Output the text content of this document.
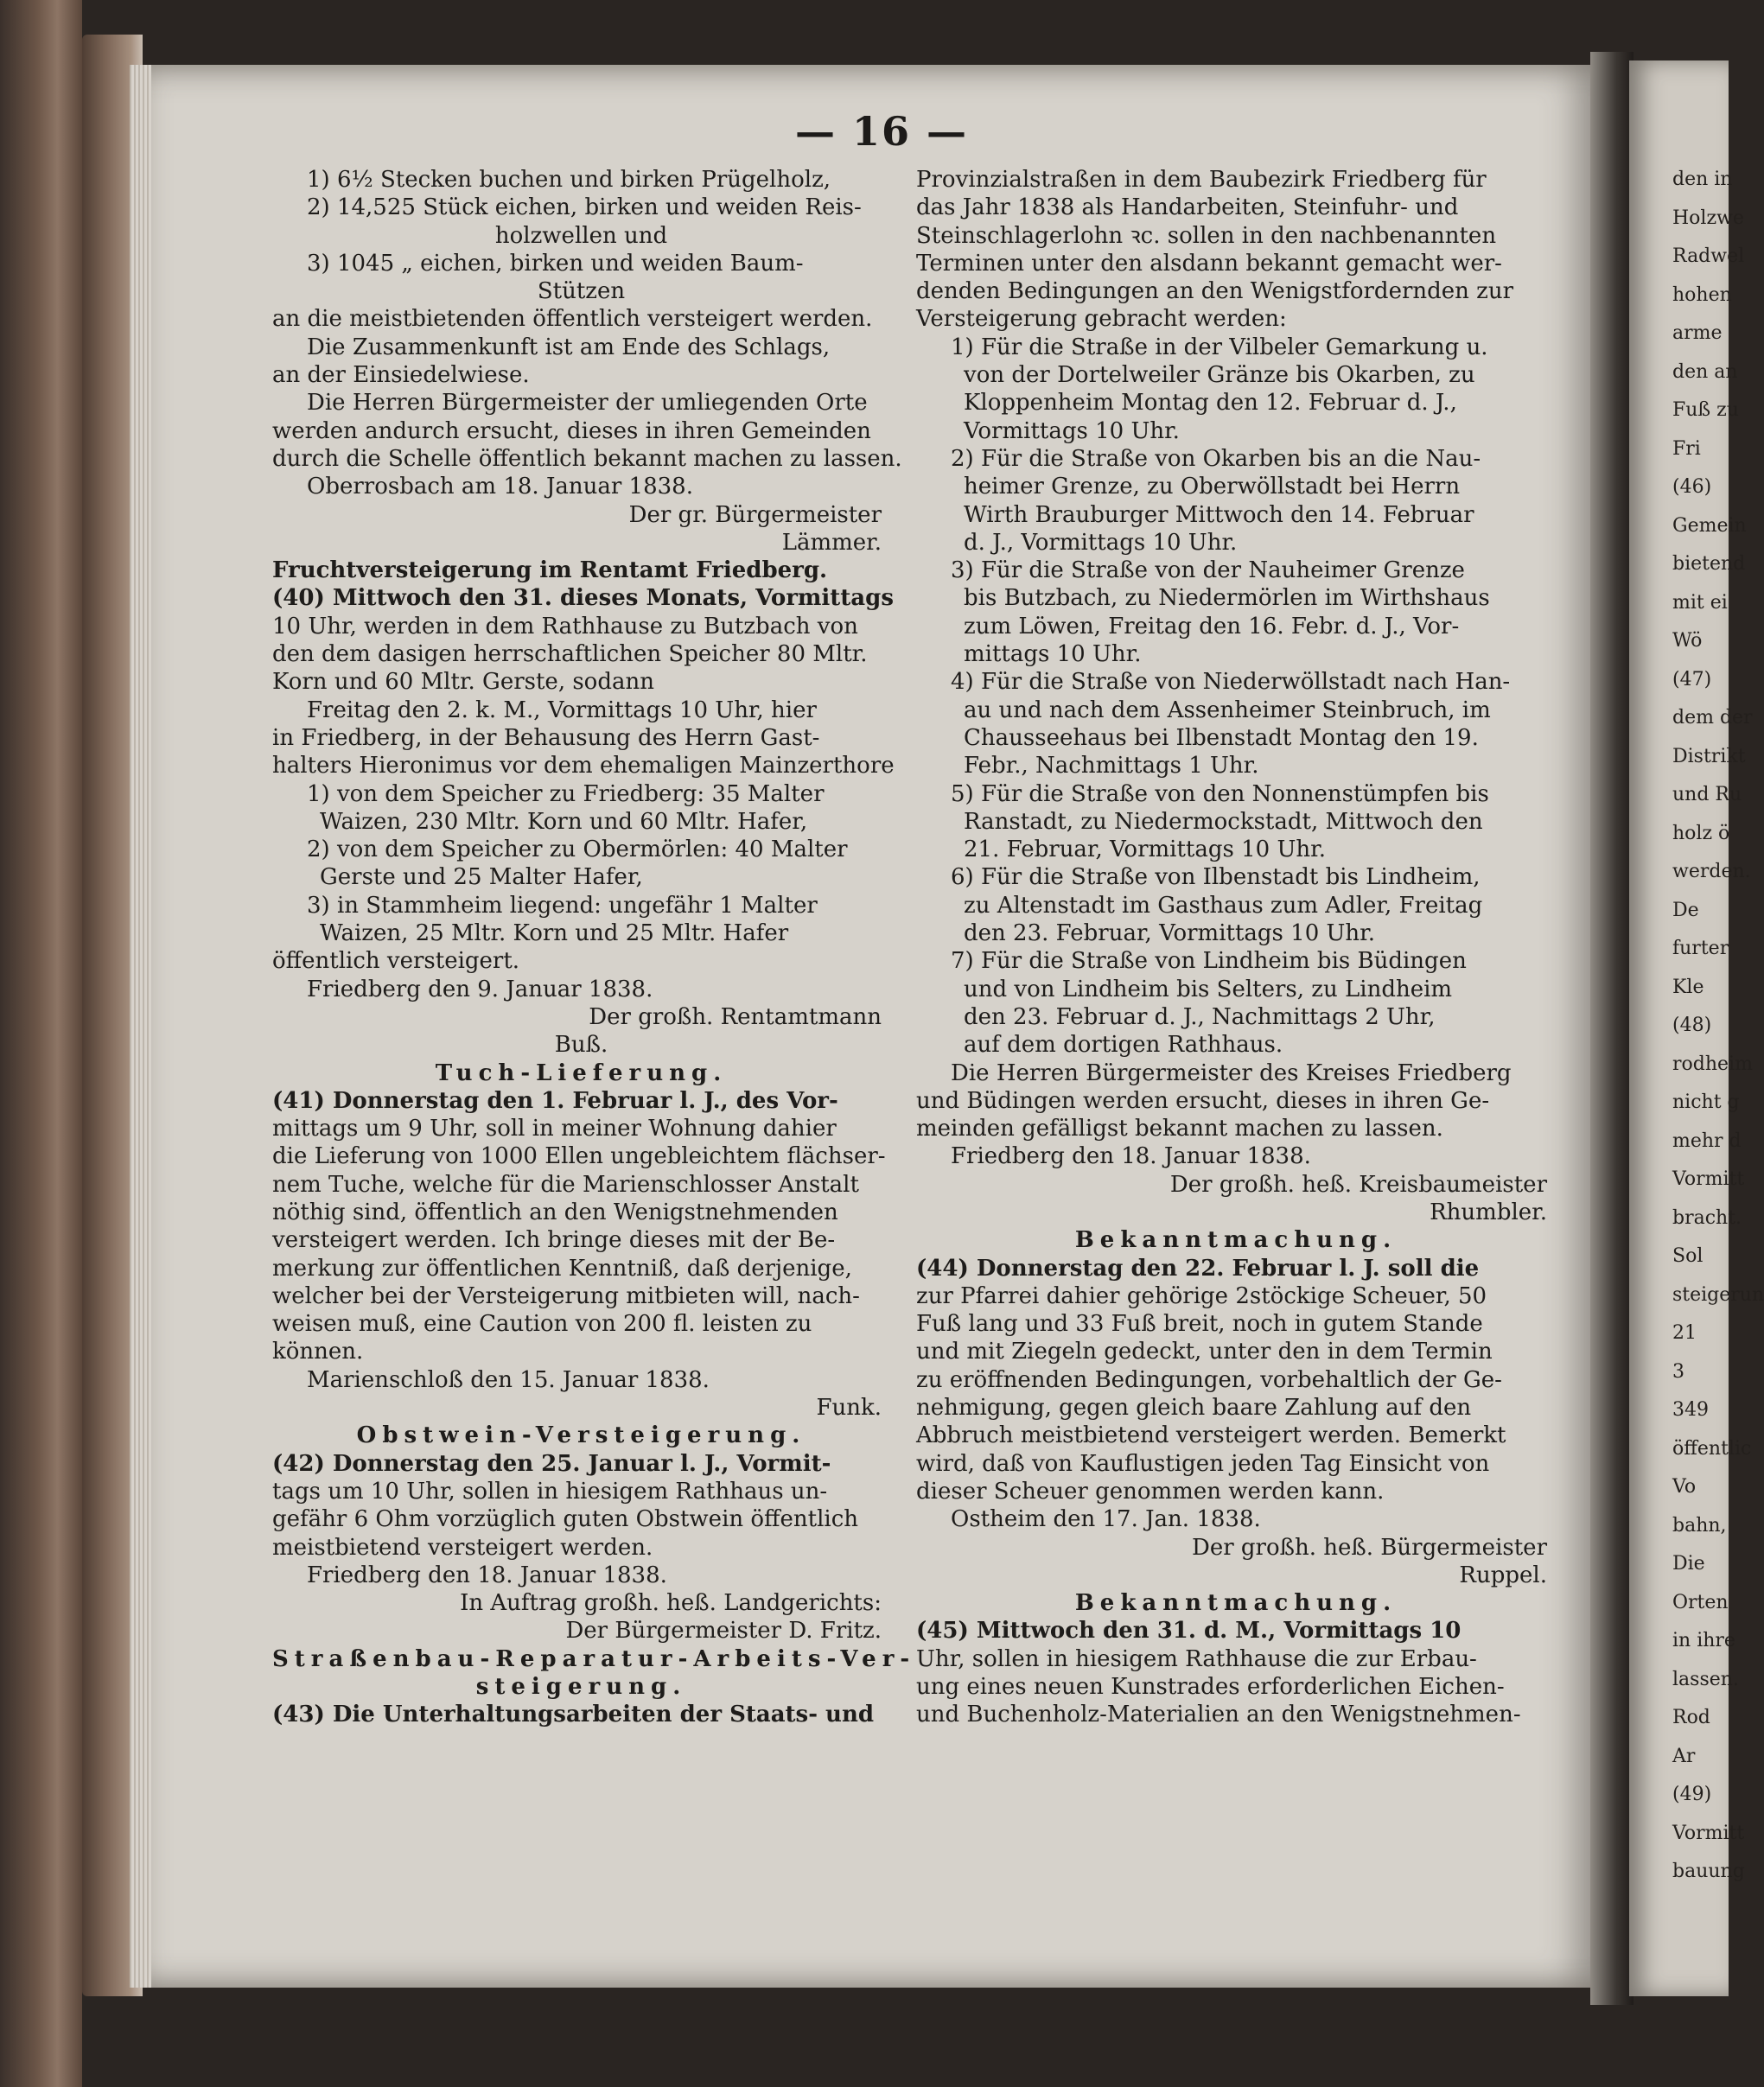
— 16 —
1) 6½ Stecken buchen und birken Prügelholz,
2) 14,525 Stück eichen, birken und weiden Reis-
holzwellen und
3) 1045 „ eichen, birken und weiden Baum-
Stützen
an die meistbietenden öffentlich versteigert werden.
Die Zusammenkunft ist am Ende des Schlags,
an der Einsiedelwiese.
Die Herren Bürgermeister der umliegenden Orte
werden andurch ersucht, dieses in ihren Gemeinden
durch die Schelle öffentlich bekannt machen zu lassen.
Oberrosbach am 18. Januar 1838.
Der gr. Bürgermeister
Lämmer.
Fruchtversteigerung im Rentamt Friedberg.
(40) Mittwoch den 31. dieses Monats, Vormittags
10 Uhr, werden in dem Rathhause zu Butzbach von
den dem dasigen herrschaftlichen Speicher 80 Mltr.
Korn und 60 Mltr. Gerste, sodann
Freitag den 2. k. M., Vormittags 10 Uhr, hier
in Friedberg, in der Behausung des Herrn Gast-
halters Hieronimus vor dem ehemaligen Mainzerthore
1) von dem Speicher zu Friedberg: 35 Malter
Waizen, 230 Mltr. Korn und 60 Mltr. Hafer,
2) von dem Speicher zu Obermörlen: 40 Malter
Gerste und 25 Malter Hafer,
3) in Stammheim liegend: ungefähr 1 Malter
Waizen, 25 Mltr. Korn und 25 Mltr. Hafer
öffentlich versteigert.
Friedberg den 9. Januar 1838.
Der großh. Rentamtmann
Buß.
Tuch-Lieferung.
(41) Donnerstag den 1. Februar l. J., des Vor-
mittags um 9 Uhr, soll in meiner Wohnung dahier
die Lieferung von 1000 Ellen ungebleichtem flächser-
nem Tuche, welche für die Marienschlosser Anstalt
nöthig sind, öffentlich an den Wenigstnehmenden
versteigert werden. Ich bringe dieses mit der Be-
merkung zur öffentlichen Kenntniß, daß derjenige,
welcher bei der Versteigerung mitbieten will, nach-
weisen muß, eine Caution von 200 fl. leisten zu
können.
Marienschloß den 15. Januar 1838.
Funk.
Obstwein-Versteigerung.
(42) Donnerstag den 25. Januar l. J., Vormit-
tags um 10 Uhr, sollen in hiesigem Rathhaus un-
gefähr 6 Ohm vorzüglich guten Obstwein öffentlich
meistbietend versteigert werden.
Friedberg den 18. Januar 1838.
In Auftrag großh. heß. Landgerichts:
Der Bürgermeister D. Fritz.
Straßenbau-Reparatur-Arbeits-Ver-
steigerung.
(43) Die Unterhaltungsarbeiten der Staats- und
Provinzialstraßen in dem Baubezirk Friedberg für
das Jahr 1838 als Handarbeiten, Steinfuhr- und
Steinschlagerlohn ꝛc. sollen in den nachbenannten
Terminen unter den alsdann bekannt gemacht wer-
denden Bedingungen an den Wenigstfordernden zur
Versteigerung gebracht werden:
1) Für die Straße in der Vilbeler Gemarkung u.
von der Dortelweiler Gränze bis Okarben, zu
Kloppenheim Montag den 12. Februar d. J.,
Vormittags 10 Uhr.
2) Für die Straße von Okarben bis an die Nau-
heimer Grenze, zu Oberwöllstadt bei Herrn
Wirth Brauburger Mittwoch den 14. Februar
d. J., Vormittags 10 Uhr.
3) Für die Straße von der Nauheimer Grenze
bis Butzbach, zu Niedermörlen im Wirthshaus
zum Löwen, Freitag den 16. Febr. d. J., Vor-
mittags 10 Uhr.
4) Für die Straße von Niederwöllstadt nach Han-
au und nach dem Assenheimer Steinbruch, im
Chausseehaus bei Ilbenstadt Montag den 19.
Febr., Nachmittags 1 Uhr.
5) Für die Straße von den Nonnenstümpfen bis
Ranstadt, zu Niedermockstadt, Mittwoch den
21. Februar, Vormittags 10 Uhr.
6) Für die Straße von Ilbenstadt bis Lindheim,
zu Altenstadt im Gasthaus zum Adler, Freitag
den 23. Februar, Vormittags 10 Uhr.
7) Für die Straße von Lindheim bis Büdingen
und von Lindheim bis Selters, zu Lindheim
den 23. Februar d. J., Nachmittags 2 Uhr,
auf dem dortigen Rathhaus.
Die Herren Bürgermeister des Kreises Friedberg
und Büdingen werden ersucht, dieses in ihren Ge-
meinden gefälligst bekannt machen zu lassen.
Friedberg den 18. Januar 1838.
Der großh. heß. Kreisbaumeister
Rhumbler.
Bekanntmachung.
(44) Donnerstag den 22. Februar l. J. soll die
zur Pfarrei dahier gehörige 2stöckige Scheuer, 50
Fuß lang und 33 Fuß breit, noch in gutem Stande
und mit Ziegeln gedeckt, unter den in dem Termin
zu eröffnenden Bedingungen, vorbehaltlich der Ge-
nehmigung, gegen gleich baare Zahlung auf den
Abbruch meistbietend versteigert werden. Bemerkt
wird, daß von Kauflustigen jeden Tag Einsicht von
dieser Scheuer genommen werden kann.
Ostheim den 17. Jan. 1838.
Der großh. heß. Bürgermeister
Ruppel.
Bekanntmachung.
(45) Mittwoch den 31. d. M., Vormittags 10
Uhr, sollen in hiesigem Rathhause die zur Erbau-
ung eines neuen Kunstrades erforderlichen Eichen-
und Buchenholz-Materialien an den Wenigstnehmen-
den in
Holzwe
Radwel
hohen
arme
den an
Fuß zu
Fri
(46)
Gemein
bietend
mit ei
Wö
(47)
dem der
Distrikt
und Ru
holz ö
werden.
De
furter
Kle
(48)
rodheim
nicht g
mehr d
Vormitt
bracht.
Sol
steigerun
21
3
349
öffentlic
Vo
bahn,
Die
Orten
in ihre
lassen.
Rod
Ar
(49)
Vormitt
bauung
